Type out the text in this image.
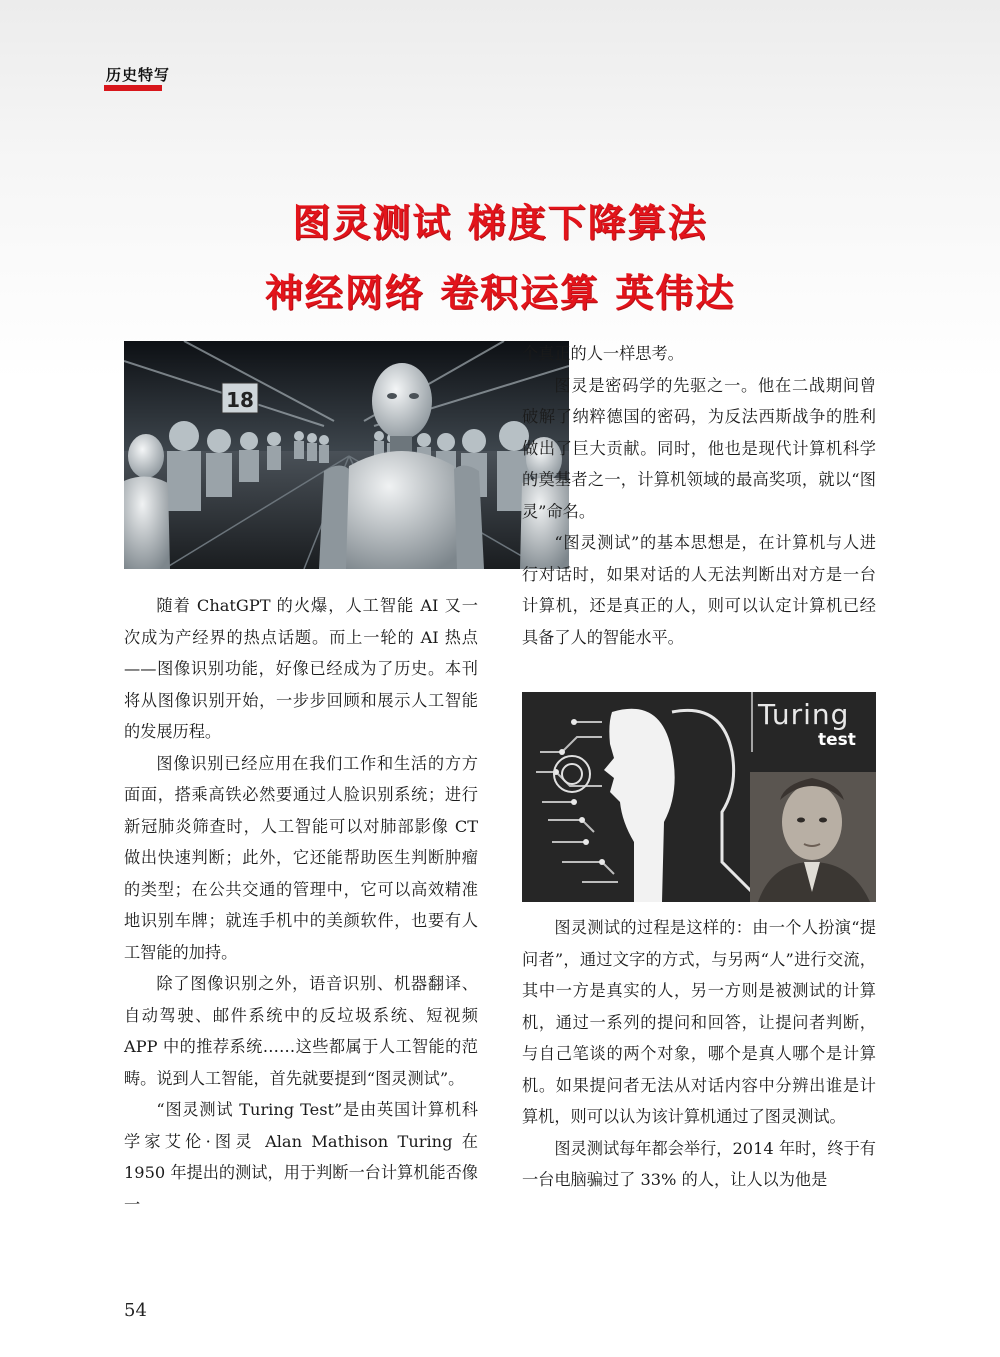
历史特写
图灵测试 梯度下降算法
神经网络 卷积运算 英伟达
18

随着 ChatGPT 的火爆，人工智能 AI 又一次成为产经界的热点话题。而上一轮的 AI 热点——图像识别功能，好像已经成为了历史。本刊将从图像识别开始，一步步回顾和展示人工智能的发展历程。

图像识别已经应用在我们工作和生活的方方面面，搭乘高铁必然要通过人脸识别系统；进行新冠肺炎筛查时，人工智能可以对肺部影像 CT 做出快速判断；此外，它还能帮助医生判断肿瘤的类型；在公共交通的管理中，它可以高效精准地识别车牌；就连手机中的美颜软件，也要有人工智能的加持。

除了图像识别之外，语音识别、机器翻译、自动驾驶、邮件系统中的反垃圾系统、短视频 APP 中的推荐系统……这些都属于人工智能的范畴。说到人工智能，首先就要提到“图灵测试”。

“图灵测试 Turing Test”是由英国计算机科学家艾伦·图灵 Alan Mathison Turing 在 1950 年提出的测试，用于判断一台计算机能否像一

个真正的人一样思考。

图灵是密码学的先驱之一。他在二战期间曾破解了纳粹德国的密码，为反法西斯战争的胜利做出了巨大贡献。同时，他也是现代计算机科学的奠基者之一，计算机领域的最高奖项，就以“图灵”命名。

“图灵测试”的基本思想是，在计算机与人进行对话时，如果对话的人无法判断出对方是一台计算机，还是真正的人，则可以认定计算机已经具备了人的智能水平。

Turing
test

图灵测试的过程是这样的：由一个人扮演“提问者”，通过文字的方式，与另两“人”进行交流，其中一方是真实的人，另一方则是被测试的计算机，通过一系列的提问和回答，让提问者判断，与自己笔谈的两个对象，哪个是真人哪个是计算机。如果提问者无法从对话内容中分辨出谁是计算机，则可以认为该计算机通过了图灵测试。

图灵测试每年都会举行，2014 年时，终于有一台电脑骗过了 33% 的人，让人以为他是

54
